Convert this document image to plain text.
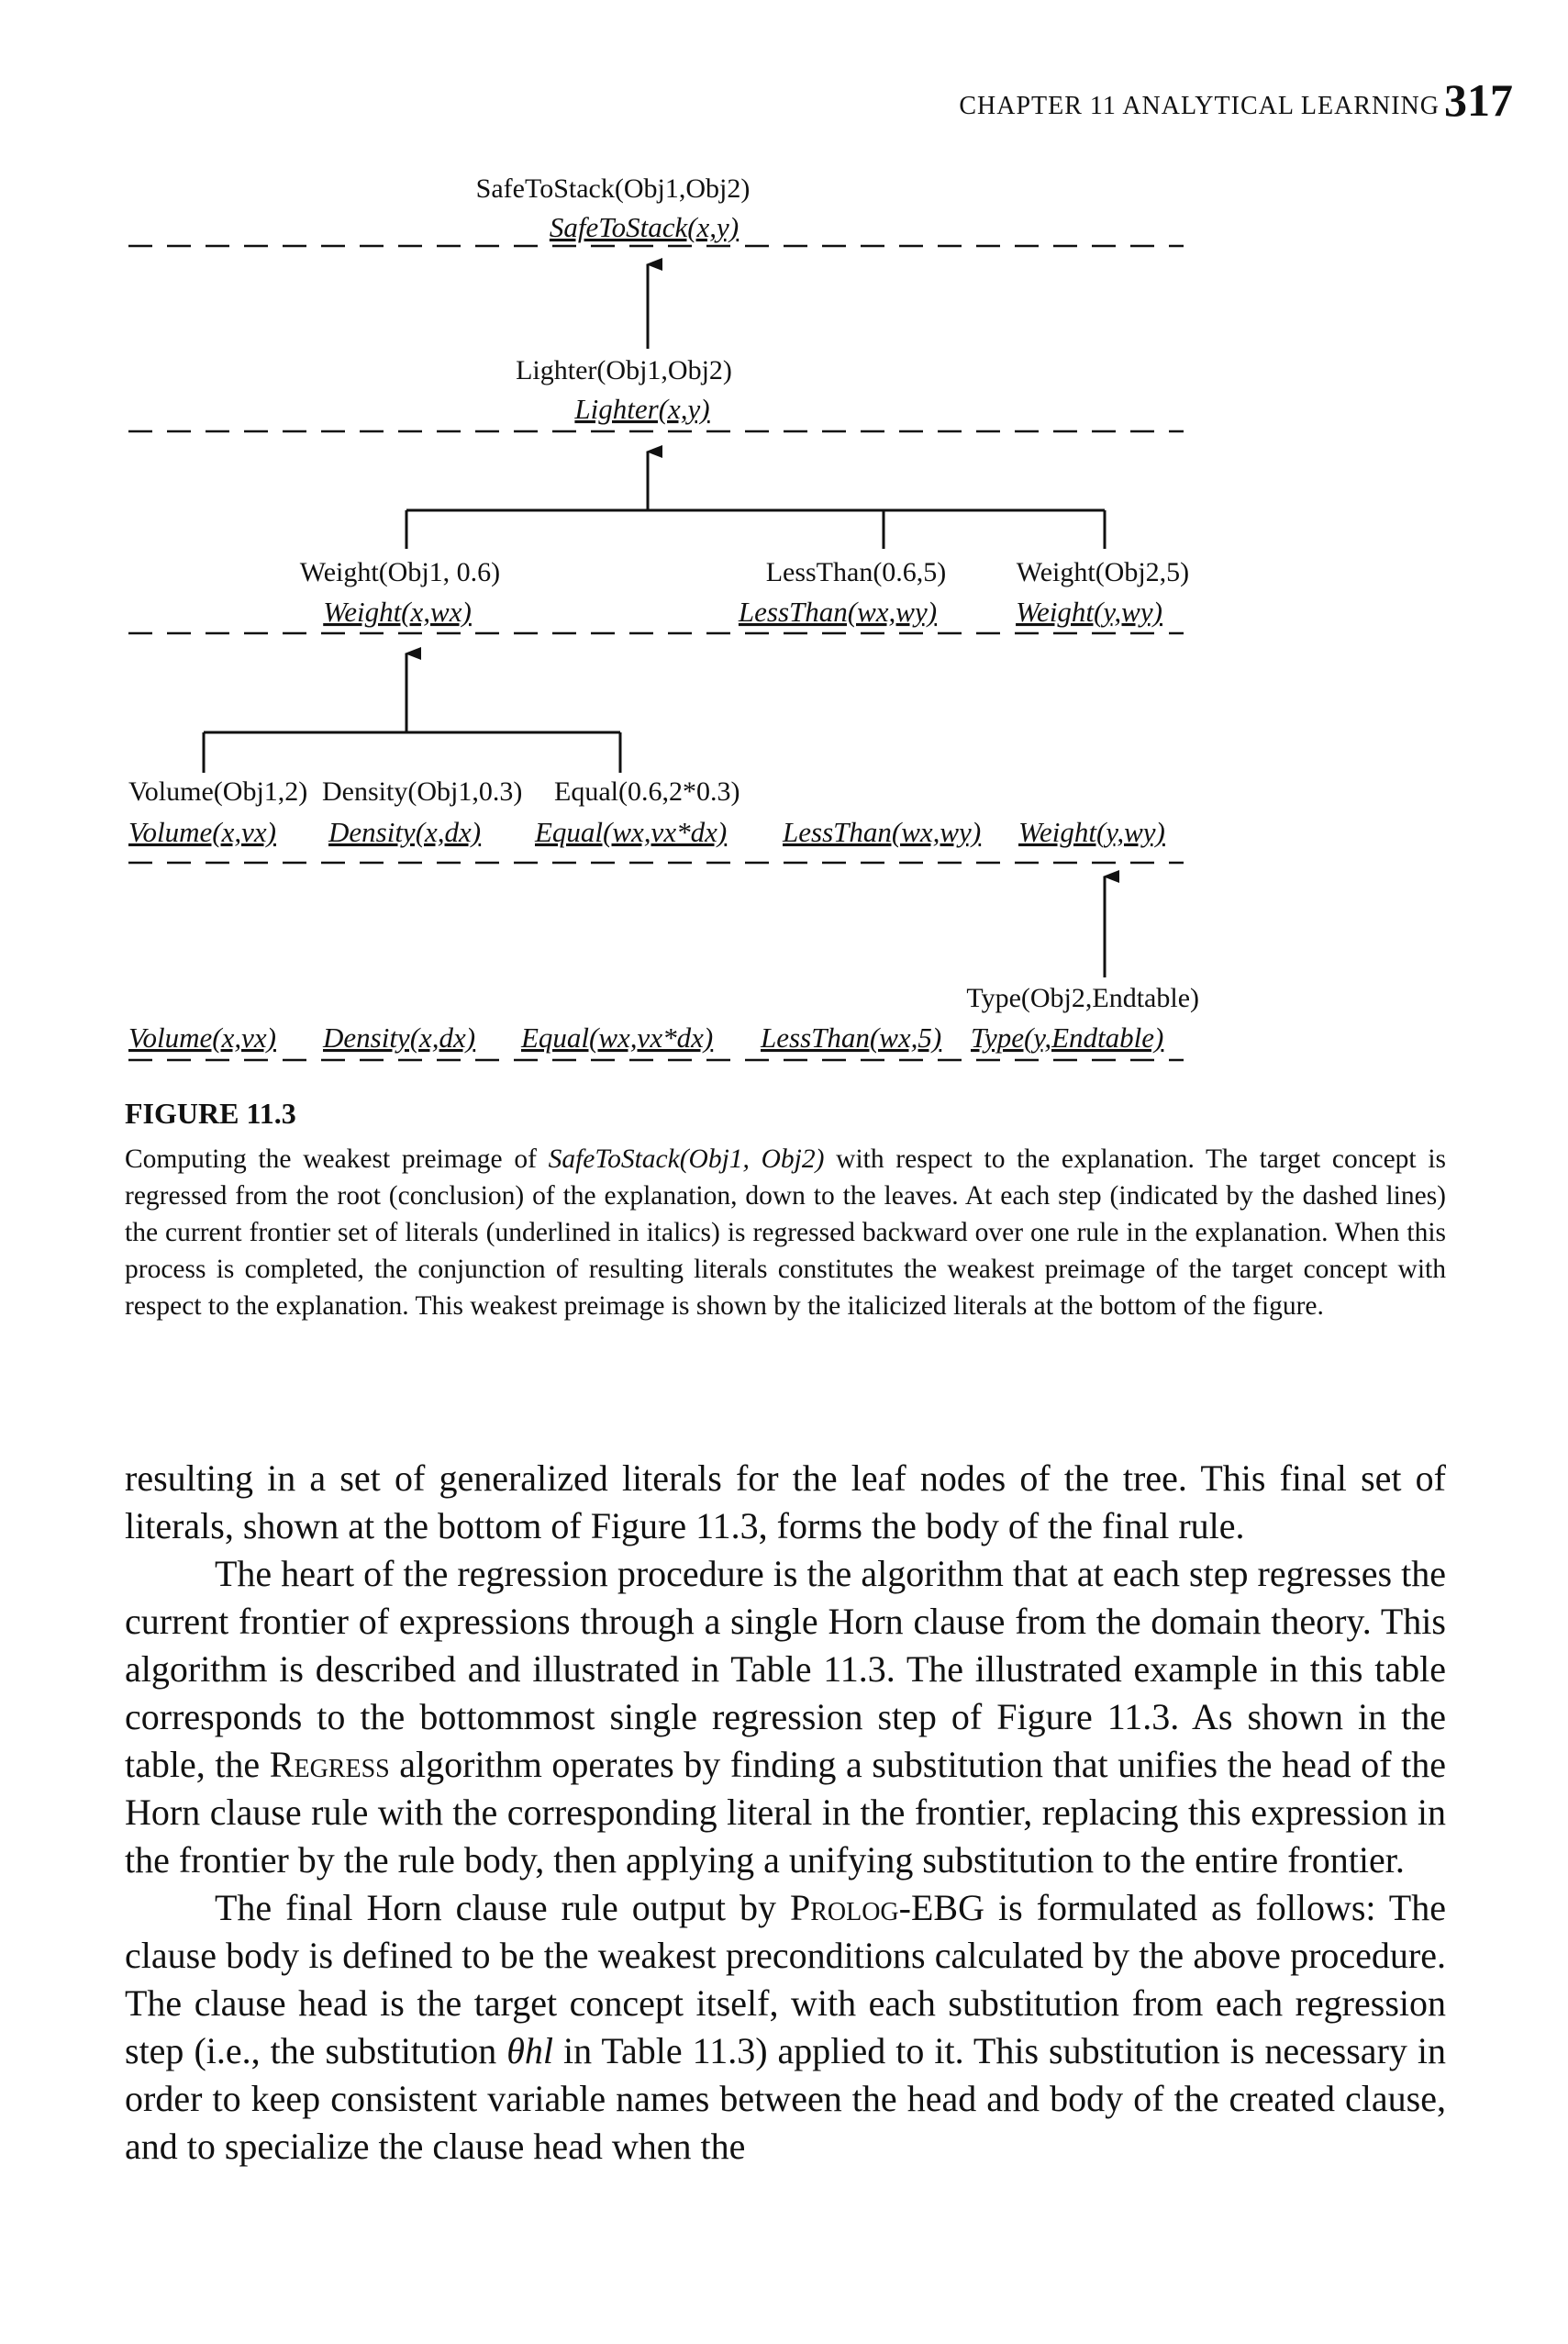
CHAPTER 11 ANALYTICAL LEARNING 317
SafeToStack(Obj1,Obj2)
SafeToStack(x,y)
Lighter(Obj1,Obj2)
Lighter(x,y)
Weight(Obj1, 0.6)	LessThan(0.6,5)	Weight(Obj2,5)
Weight(x,wx)	LessThan(wx,wy)	Weight(y,wy)
Volume(Obj1,2) Density(Obj1,0.3) Equal(0.6,2*0.3)
Volume(x,vx) Density(x,dx) Equal(wx,vx*dx) LessThan(wx,wy) Weight(y,wy)
Type(Obj2,Endtable)
Volume(x,vx) Density(x,dx) Equal(wx,vx*dx) LessThan(wx,5) Type(y,Endtable)
FIGURE 11.3
Computing the weakest preimage of SafeToStack(Obj1, Obj2) with respect to the explanation. The target concept is regressed from the root (conclusion) of the explanation, down to the leaves. At each step (indicated by the dashed lines) the current frontier set of literals (underlined in italics) is regressed backward over one rule in the explanation. When this process is completed, the conjunction of resulting literals constitutes the weakest preimage of the target concept with respect to the explanation. This weakest preimage is shown by the italicized literals at the bottom of the figure.

resulting in a set of generalized literals for the leaf nodes of the tree. This final set of literals, shown at the bottom of Figure 11.3, forms the body of the final rule.

The heart of the regression procedure is the algorithm that at each step regresses the current frontier of expressions through a single Horn clause from the domain theory. This algorithm is described and illustrated in Table 11.3. The illustrated example in this table corresponds to the bottommost single regression step of Figure 11.3. As shown in the table, the Regress algorithm operates by finding a substitution that unifies the head of the Horn clause rule with the corresponding literal in the frontier, replacing this expression in the frontier by the rule body, then applying a unifying substitution to the entire frontier.

The final Horn clause rule output by Prolog-EBG is formulated as follows: The clause body is defined to be the weakest preconditions calculated by the above procedure. The clause head is the target concept itself, with each substitution from each regression step (i.e., the substitution θhl in Table 11.3) applied to it. This substitution is necessary in order to keep consistent variable names between the head and body of the created clause, and to specialize the clause head when the
